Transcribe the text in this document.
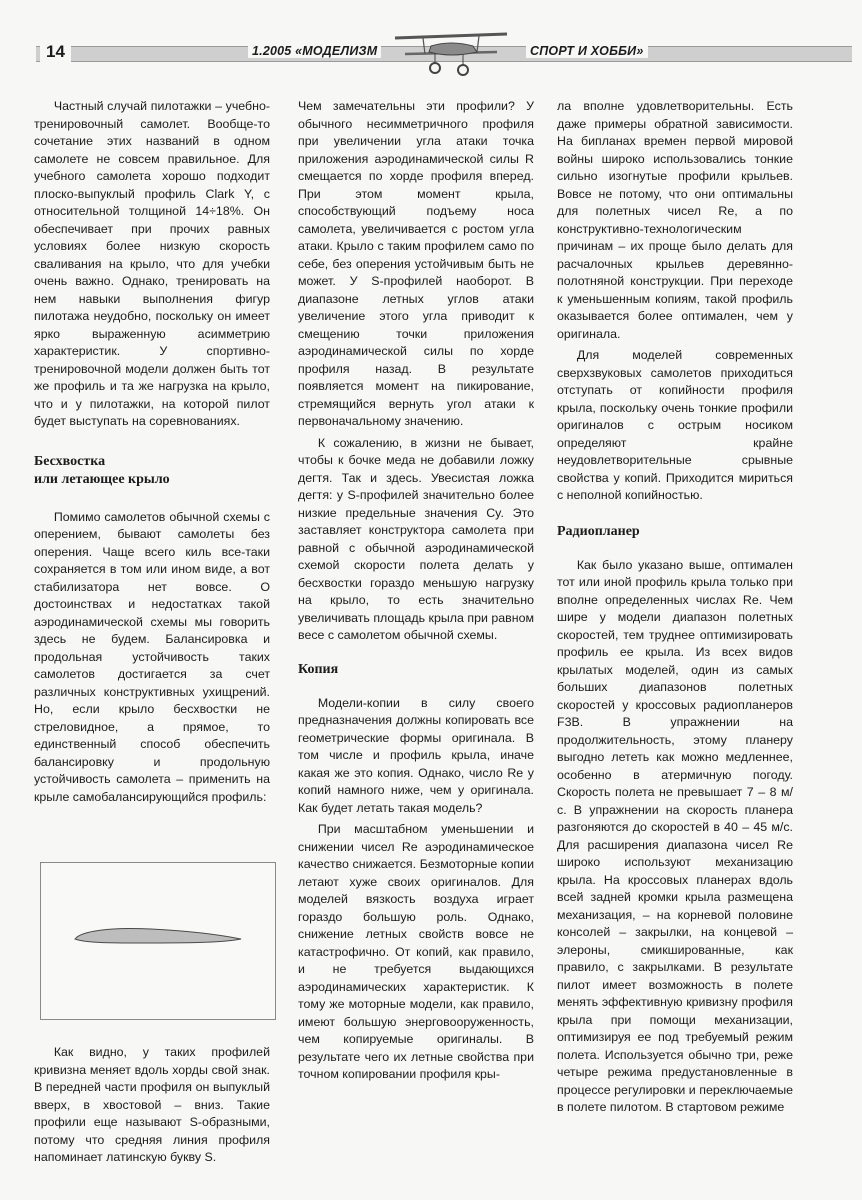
14	1.2005 «МОДЕЛИЗМ	СПОРТ И ХОББИ»

Частный случай пилотажки – учебно-тренировочный самолет. Вообще-то сочетание этих названий в одном самолете не совсем правильное. Для учебного самолета хорошо подходит плоско-выпуклый профиль Clark Y, с относительной толщиной 14÷18%. Он обеспечивает при прочих равных условиях более низкую скорость сваливания на крыло, что для учебки очень важно. Однако, тренировать на нем навыки выполнения фигур пилотажа неудобно, поскольку он имеет ярко выраженную асимметрию характеристик. У спортивно-тренировочной модели должен быть тот же профиль и та же нагрузка на крыло, что и у пилотажки, на которой пилот будет выступать на соревнованиях.

Бесхвостка
или летающее крыло

Помимо самолетов обычной схемы с оперением, бывают самолеты без оперения. Чаще всего киль все-таки сохраняется в том или ином виде, а вот стабилизатора нет вовсе. О достоинствах и недостатках такой аэродинамической схемы мы говорить здесь не будем. Балансировка и продольная устойчивость таких самолетов достигается за счет различных конструктивных ухищрений. Но, если крыло бесхвостки не стреловидное, а прямое, то единственный способ обеспечить балансировку и продольную устойчивость самолета – применить на крыле самобалансирующийся профиль:

Как видно, у таких профилей кривизна меняет вдоль хорды свой знак. В передней части профиля он выпуклый вверх, в хвостовой – вниз. Такие профили еще называют S-образными, потому что средняя линия профиля напоминает латинскую букву S.

Чем замечательны эти профили? У обычного несимметричного профиля при увеличении угла атаки точка приложения аэродинамической силы R смещается по хорде профиля вперед. При этом момент крыла, способствующий подъему носа самолета, увеличивается с ростом угла атаки. Крыло с таким профилем само по себе, без оперения устойчивым быть не может. У S-профилей наоборот. В диапазоне летных углов атаки увеличение этого угла приводит к смещению точки приложения аэродинамической силы по хорде профиля назад. В результате появляется момент на пикирование, стремящийся вернуть угол атаки к первоначальному значению.

К сожалению, в жизни не бывает, чтобы к бочке меда не добавили ложку дегтя. Так и здесь. Увесистая ложка дегтя: у S-профилей значительно более низкие предельные значения Cy. Это заставляет конструктора самолета при равной с обычной аэродинамической схемой скорости полета делать у бесхвостки гораздо меньшую нагрузку на крыло, то есть значительно увеличивать площадь крыла при равном весе с самолетом обычной схемы.

Копия

Модели-копии в силу своего предназначения должны копировать все геометрические формы оригинала. В том числе и профиль крыла, иначе какая же это копия. Однако, число Re у копий намного ниже, чем у оригинала. Как будет летать такая модель?

При масштабном уменьшении и снижении чисел Re аэродинамическое качество снижается. Безмоторные копии летают хуже своих оригиналов. Для моделей вязкость воздуха играет гораздо большую роль. Однако, снижение летных свойств вовсе не катастрофично. От копий, как правило, и не требуется выдающихся аэродинамических характеристик. К тому же моторные модели, как правило, имеют большую энерговооруженность, чем копируемые оригиналы. В результате чего их летные свойства при точном копировании профиля кры-

ла вполне удовлетворительны. Есть даже примеры обратной зависимости. На бипланах времен первой мировой войны широко использовались тонкие сильно изогнутые профили крыльев. Вовсе не потому, что они оптимальны для полетных чисел Re, а по конструктивно-технологическим причинам – их проще было делать для расчалочных крыльев деревянно-полотняной конструкции. При переходе к уменьшенным копиям, такой профиль оказывается более оптимален, чем у оригинала.

Для моделей современных сверхзвуковых самолетов приходиться отступать от копийности профиля крыла, поскольку очень тонкие профили оригиналов с острым носиком определяют крайне неудовлетворительные срывные свойства у копий. Приходится мириться с неполной копийностью.

Радиопланер

Как было указано выше, оптимален тот или иной профиль крыла только при вполне определенных числах Re. Чем шире у модели диапазон полетных скоростей, тем труднее оптимизировать профиль ее крыла. Из всех видов крылатых моделей, один из самых больших диапазонов полетных скоростей у кроссовых радиопланеров F3B. В упражнении на продолжительность, этому планеру выгодно лететь как можно медленнее, особенно в атермичную погоду. Скорость полета не превышает 7 – 8 м/с. В упражнении на скорость планера разгоняются до скоростей в 40 – 45 м/с. Для расширения диапазона чисел Re широко используют механизацию крыла. На кроссовых планерах вдоль всей задней кромки крыла размещена механизация, – на корневой половине консолей – закрылки, на концевой – элероны, смикшированные, как правило, с закрылками. В результате пилот имеет возможность в полете менять эффективную кривизну профиля крыла при помощи механизации, оптимизируя ее под требуемый режим полета. Используется обычно три, реже четыре режима предустановленные в процессе регулировки и переключаемые в полете пилотом. В стартовом режиме
